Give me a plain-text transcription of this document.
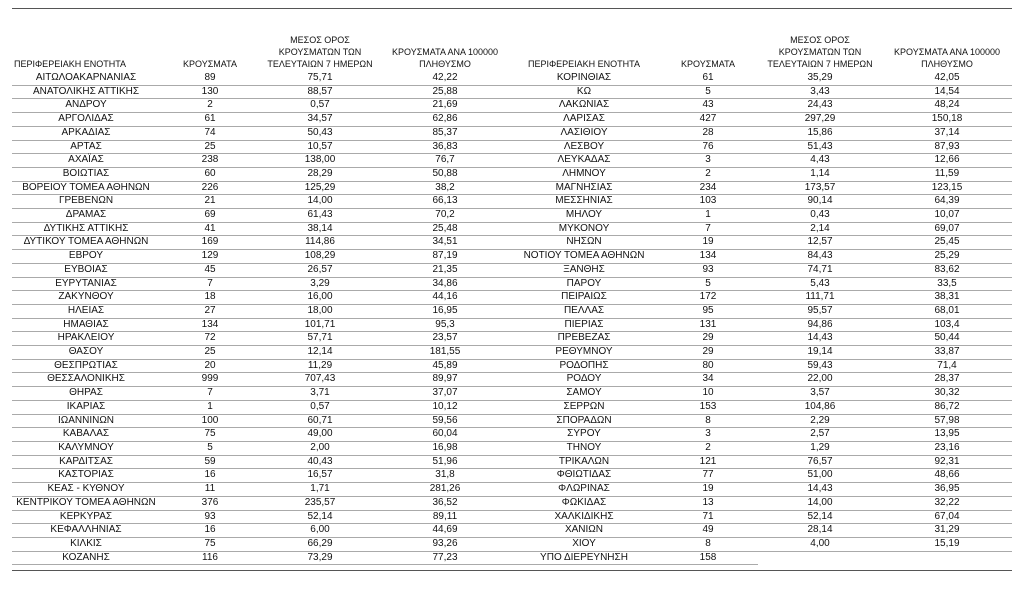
ΠΕΡΙΦΕΡΕΙΑΚΗ ΕΝΟΤΗΤΑ	ΚΡΟΥΣΜΑΤΑ	ΜΕΣΟΣ ΟΡΟΣ ΚΡΟΥΣΜΑΤΩΝ ΤΩΝ ΤΕΛΕΥΤΑΙΩΝ 7 ΗΜΕΡΩΝ	ΚΡΟΥΣΜΑΤΑ ΑΝΑ 100000 ΠΛΗΘΥΣΜΟ	ΠΕΡΙΦΕΡΕΙΑΚΗ ΕΝΟΤΗΤΑ	ΚΡΟΥΣΜΑΤΑ	ΜΕΣΟΣ ΟΡΟΣ ΚΡΟΥΣΜΑΤΩΝ ΤΩΝ ΤΕΛΕΥΤΑΙΩΝ 7 ΗΜΕΡΩΝ	ΚΡΟΥΣΜΑΤΑ ΑΝΑ 100000 ΠΛΗΘΥΣΜΟ
ΑΙΤΩΛΟΑΚΑΡΝΑΝΙΑΣ	89	75,71	42,22	ΚΟΡΙΝΘΙΑΣ	61	35,29	42,05
ΑΝΑΤΟΛΙΚΗΣ ΑΤΤΙΚΗΣ	130	88,57	25,88	ΚΩ	5	3,43	14,54
ΑΝΔΡΟΥ	2	0,57	21,69	ΛΑΚΩΝΙΑΣ	43	24,43	48,24
ΑΡΓΟΛΙΔΑΣ	61	34,57	62,86	ΛΑΡΙΣΑΣ	427	297,29	150,18
ΑΡΚΑΔΙΑΣ	74	50,43	85,37	ΛΑΣΙΘΙΟΥ	28	15,86	37,14
ΑΡΤΑΣ	25	10,57	36,83	ΛΕΣΒΟΥ	76	51,43	87,93
ΑΧΑΪΑΣ	238	138,00	76,7	ΛΕΥΚΑΔΑΣ	3	4,43	12,66
ΒΟΙΩΤΙΑΣ	60	28,29	50,88	ΛΗΜΝΟΥ	2	1,14	11,59
ΒΟΡΕΙΟΥ ΤΟΜΕΑ ΑΘΗΝΩΝ	226	125,29	38,2	ΜΑΓΝΗΣΙΑΣ	234	173,57	123,15
ΓΡΕΒΕΝΩΝ	21	14,00	66,13	ΜΕΣΣΗΝΙΑΣ	103	90,14	64,39
ΔΡΑΜΑΣ	69	61,43	70,2	ΜΗΛΟΥ	1	0,43	10,07
ΔΥΤΙΚΗΣ ΑΤΤΙΚΗΣ	41	38,14	25,48	ΜΥΚΟΝΟΥ	7	2,14	69,07
ΔΥΤΙΚΟΥ ΤΟΜΕΑ ΑΘΗΝΩΝ	169	114,86	34,51	ΝΗΣΩΝ	19	12,57	25,45
ΕΒΡΟΥ	129	108,29	87,19	ΝΟΤΙΟΥ ΤΟΜΕΑ ΑΘΗΝΩΝ	134	84,43	25,29
ΕΥΒΟΙΑΣ	45	26,57	21,35	ΞΑΝΘΗΣ	93	74,71	83,62
ΕΥΡΥΤΑΝΙΑΣ	7	3,29	34,86	ΠΑΡΟΥ	5	5,43	33,5
ΖΑΚΥΝΘΟΥ	18	16,00	44,16	ΠΕΙΡΑΙΩΣ	172	111,71	38,31
ΗΛΕΙΑΣ	27	18,00	16,95	ΠΕΛΛΑΣ	95	95,57	68,01
ΗΜΑΘΙΑΣ	134	101,71	95,3	ΠΙΕΡΙΑΣ	131	94,86	103,4
ΗΡΑΚΛΕΙΟΥ	72	57,71	23,57	ΠΡΕΒΕΖΑΣ	29	14,43	50,44
ΘΑΣΟΥ	25	12,14	181,55	ΡΕΘΥΜΝΟΥ	29	19,14	33,87
ΘΕΣΠΡΩΤΙΑΣ	20	11,29	45,89	ΡΟΔΟΠΗΣ	80	59,43	71,4
ΘΕΣΣΑΛΟΝΙΚΗΣ	999	707,43	89,97	ΡΟΔΟΥ	34	22,00	28,37
ΘΗΡΑΣ	7	3,71	37,07	ΣΑΜΟΥ	10	3,57	30,32
ΙΚΑΡΙΑΣ	1	0,57	10,12	ΣΕΡΡΩΝ	153	104,86	86,72
ΙΩΑΝΝΙΝΩΝ	100	60,71	59,56	ΣΠΟΡΑΔΩΝ	8	2,29	57,98
ΚΑΒΑΛΑΣ	75	49,00	60,04	ΣΥΡΟΥ	3	2,57	13,95
ΚΑΛΥΜΝΟΥ	5	2,00	16,98	ΤΗΝΟΥ	2	1,29	23,16
ΚΑΡΔΙΤΣΑΣ	59	40,43	51,96	ΤΡΙΚΑΛΩΝ	121	76,57	92,31
ΚΑΣΤΟΡΙΑΣ	16	16,57	31,8	ΦΘΙΩΤΙΔΑΣ	77	51,00	48,66
ΚΕΑΣ - ΚΥΘΝΟΥ	11	1,71	281,26	ΦΛΩΡΙΝΑΣ	19	14,43	36,95
ΚΕΝΤΡΙΚΟΥ ΤΟΜΕΑ ΑΘΗΝΩΝ	376	235,57	36,52	ΦΩΚΙΔΑΣ	13	14,00	32,22
ΚΕΡΚΥΡΑΣ	93	52,14	89,11	ΧΑΛΚΙΔΙΚΗΣ	71	52,14	67,04
ΚΕΦΑΛΛΗΝΙΑΣ	16	6,00	44,69	ΧΑΝΙΩΝ	49	28,14	31,29
ΚΙΛΚΙΣ	75	66,29	93,26	ΧΙΟΥ	8	4,00	15,19
ΚΟΖΑΝΗΣ	116	73,29	77,23	ΥΠΟ ΔΙΕΡΕΥΝΗΣΗ	158		
